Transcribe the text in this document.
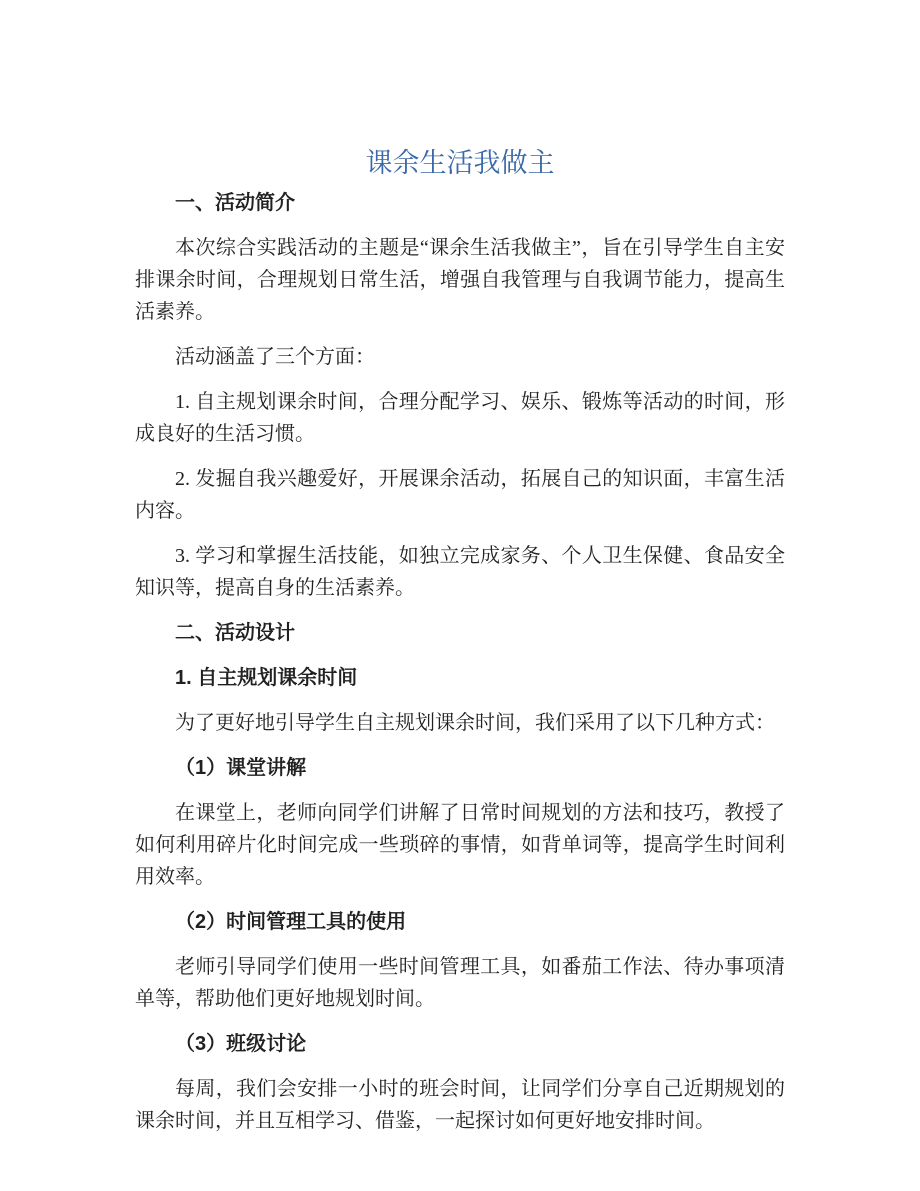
课余生活我做主
一、活动简介

本次综合实践活动的主题是“课余生活我做主”，旨在引导学生自主安排课余时间，合理规划日常生活，增强自我管理与自我调节能力，提高生活素养。

活动涵盖了三个方面：

1. 自主规划课余时间，合理分配学习、娱乐、锻炼等活动的时间，形成良好的生活习惯。

2. 发掘自我兴趣爱好，开展课余活动，拓展自己的知识面，丰富生活内容。

3. 学习和掌握生活技能，如独立完成家务、个人卫生保健、食品安全知识等，提高自身的生活素养。

二、活动设计
1. 自主规划课余时间

为了更好地引导学生自主规划课余时间，我们采用了以下几种方式：

（1）课堂讲解

在课堂上，老师向同学们讲解了日常时间规划的方法和技巧，教授了如何利用碎片化时间完成一些琐碎的事情，如背单词等，提高学生时间利用效率。

（2）时间管理工具的使用

老师引导同学们使用一些时间管理工具，如番茄工作法、待办事项清单等，帮助他们更好地规划时间。

（3）班级讨论

每周，我们会安排一小时的班会时间，让同学们分享自己近期规划的课余时间，并且互相学习、借鉴，一起探讨如何更好地安排时间。
